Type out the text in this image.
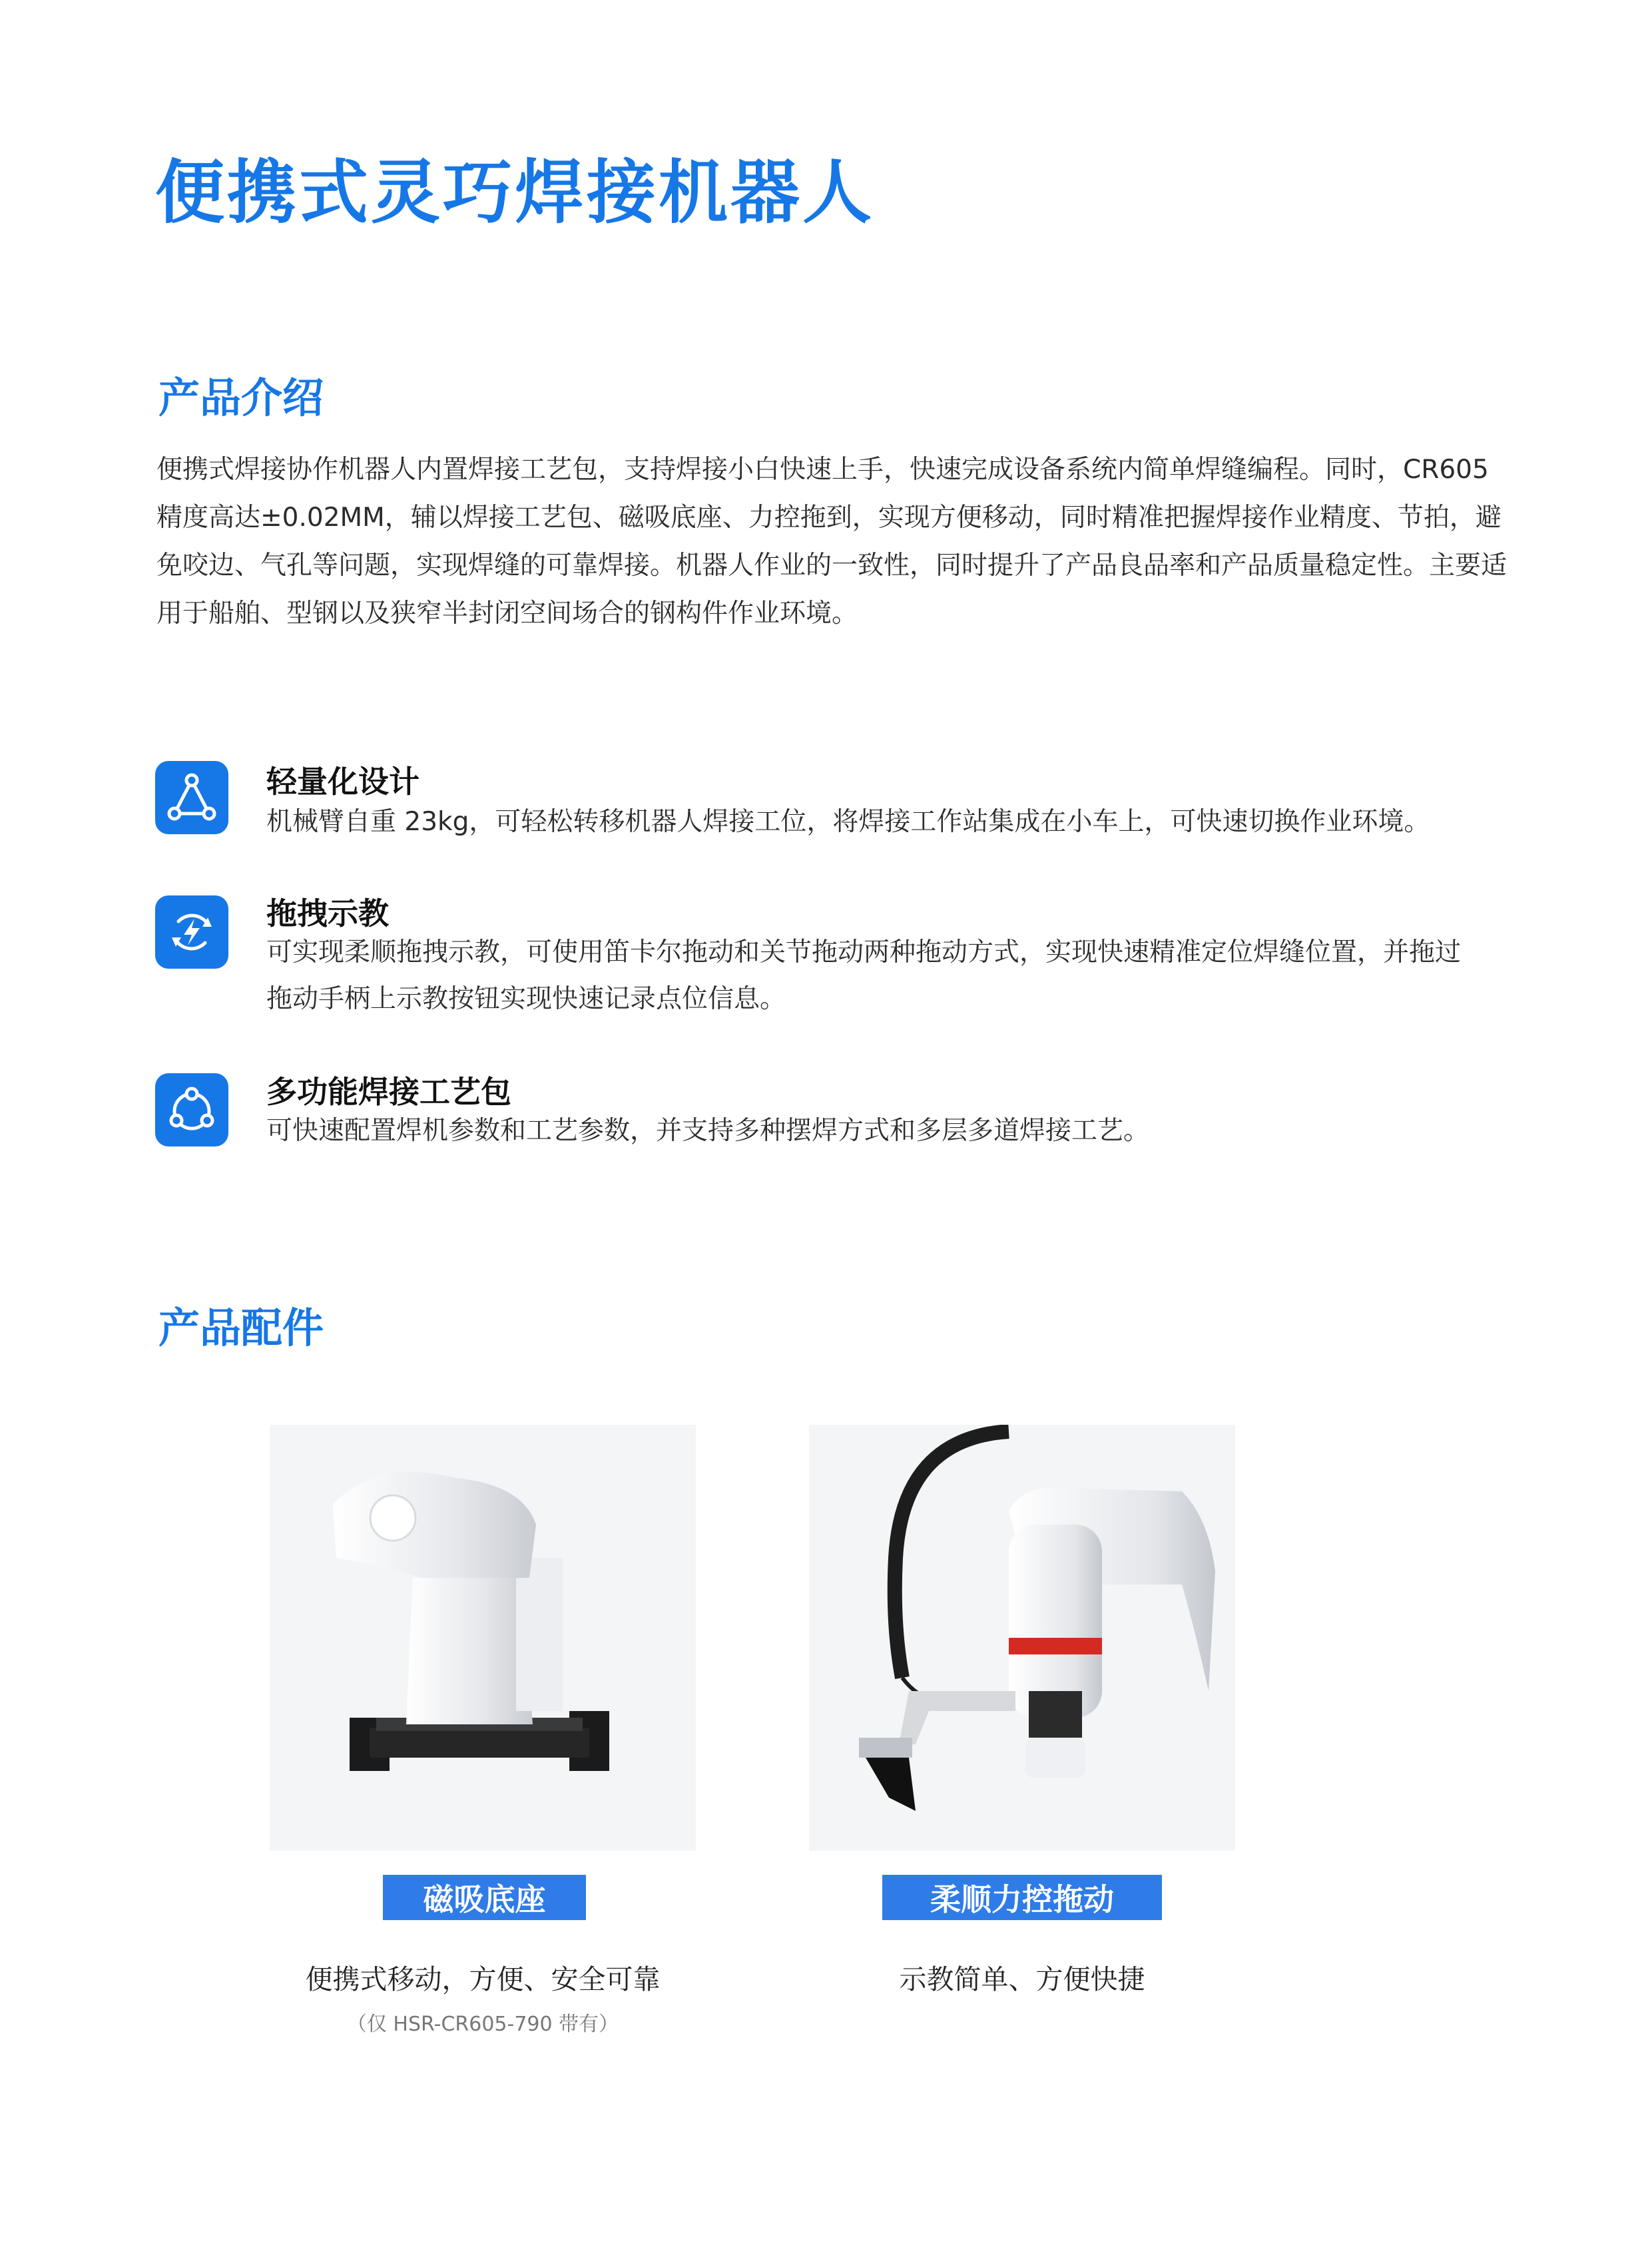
便携式灵巧焊接机器人
产品介绍
便携式焊接协作机器人内置焊接工艺包，支持焊接小白快速上手，快速完成设备系统内简单焊缝编程。同时，CR605精度高达±0.02MM，辅以焊接工艺包、磁吸底座、力控拖到，实现方便移动，同时精准把握焊接作业精度、节拍，避免咬边、气孔等问题，实现焊缝的可靠焊接。机器人作业的一致性，同时提升了产品良品率和产品质量稳定性。主要适用于船舶、型钢以及狭窄半封闭空间场合的钢构件作业环境。
轻量化设计
机械臂自重 23kg，可轻松转移机器人焊接工位，将焊接工作站集成在小车上，可快速切换作业环境。
拖拽示教
可实现柔顺拖拽示教，可使用笛卡尔拖动和关节拖动两种拖动方式，实现快速精准定位焊缝位置，并拖过拖动手柄上示教按钮实现快速记录点位信息。
多功能焊接工艺包
可快速配置焊机参数和工艺参数，并支持多种摆焊方式和多层多道焊接工艺。
产品配件
磁吸底座
便携式移动，方便、安全可靠
（仅 HSR-CR605-790 带有）
柔顺力控拖动
示教简单、方便快捷
